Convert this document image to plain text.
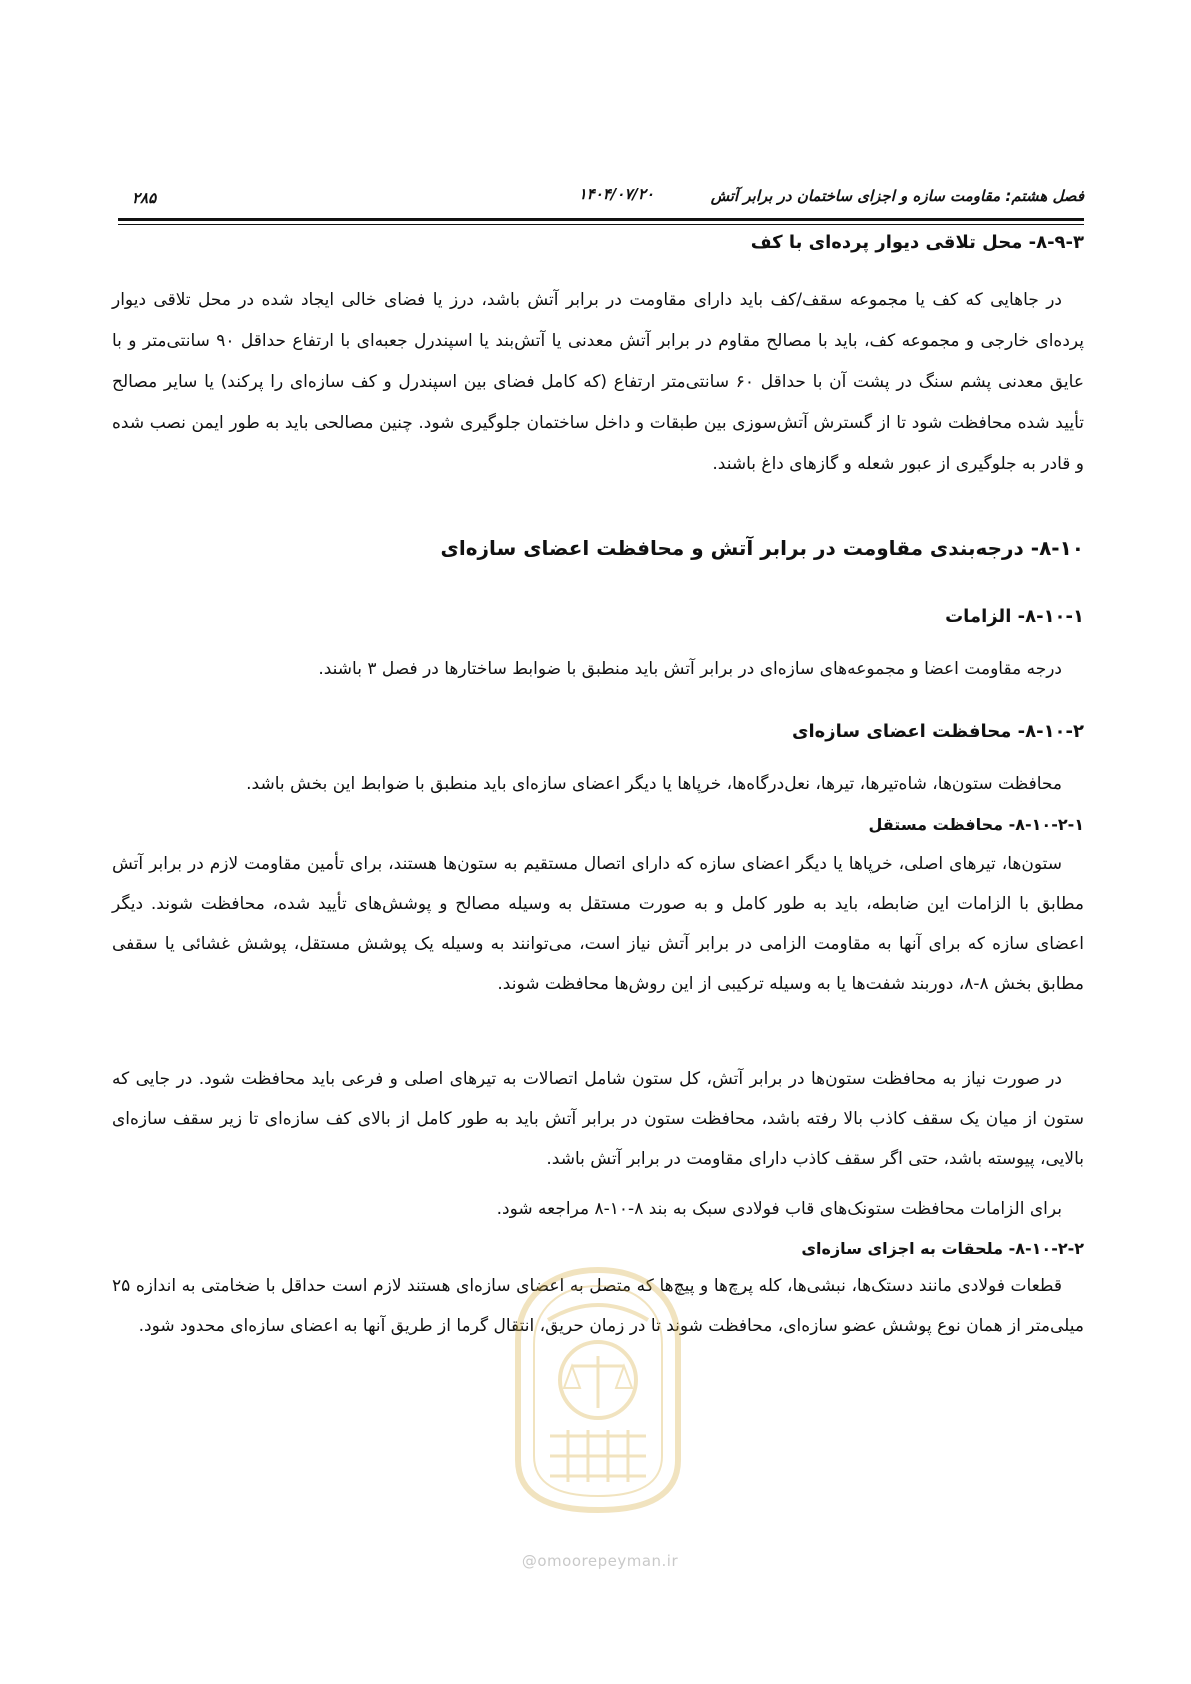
فصل هشتم: مقاومت سازه و اجزای ساختمان در برابر آتش
۱۴۰۴/۰۷/۲۰
۲۸۵
۸-۹-۳- محل تلاقی دیوار پرده‌ای با کف
در جاهایی که کف یا مجموعه سقف/کف باید دارای مقاومت در برابر آتش باشد، درز یا فضای خالی ایجاد شده در محل تلاقی دیوار پرده‌ای خارجی و مجموعه کف، باید با مصالح مقاوم در برابر آتش معدنی یا آتش‌بند یا اسپندرل جعبه‌ای با ارتفاع حداقل ۹۰ سانتی‌متر و با عایق معدنی پشم سنگ در پشت آن با حداقل ۶۰ سانتی‌متر ارتفاع (که کامل فضای بین اسپندرل و کف سازه‌ای را پرکند) یا سایر مصالح تأیید شده محافظت شود تا از گسترش آتش‌سوزی بین طبقات و داخل ساختمان جلوگیری شود. چنین مصالحی باید به طور ایمن نصب شده و قادر به جلوگیری از عبور شعله و گازهای داغ باشند.
۸-۱۰- درجه‌بندی مقاومت در برابر آتش و محافظت اعضای سازه‌ای
۸-۱۰-۱- الزامات
درجه مقاومت اعضا و مجموعه‌های سازه‌ای در برابر آتش باید منطبق با ضوابط ساختارها در فصل ۳ باشند.
۸-۱۰-۲- محافظت اعضای سازه‌ای
محافظت ستون‌ها، شاه‌تیرها، تیرها، نعل‌درگاه‌ها، خرپاها یا دیگر اعضای سازه‌ای باید منطبق با ضوابط این بخش باشد.
۸-۱۰-۲-۱- محافظت مستقل
ستون‌ها، تیرهای اصلی، خرپاها یا دیگر اعضای سازه که دارای اتصال مستقیم به ستون‌ها هستند، برای تأمین مقاومت لازم در برابر آتش مطابق با الزامات این ضابطه، باید به طور کامل و به صورت مستقل به وسیله مصالح و پوشش‌های تأیید شده، محافظت شوند. دیگر اعضای سازه که برای آنها به مقاومت الزامی در برابر آتش نیاز است، می‌توانند به وسیله یک پوشش مستقل، پوشش غشائی یا سقفی مطابق بخش ۸-۸، دوربند شفت‌ها یا به وسیله ترکیبی از این روش‌ها محافظت شوند.
در صورت نیاز به محافظت ستون‌ها در برابر آتش، کل ستون شامل اتصالات به تیرهای اصلی و فرعی باید محافظت شود. در جایی که ستون از میان یک سقف کاذب بالا رفته باشد، محافظت ستون در برابر آتش باید به طور کامل از بالای کف سازه‌ای تا زیر سقف سازه‌ای بالایی، پیوسته باشد، حتی اگر سقف کاذب دارای مقاومت در برابر آتش باشد.
برای الزامات محافظت ستونک‌های قاب فولادی سبک به بند ۸-۱۰-۸ مراجعه شود.
۸-۱۰-۲-۲- ملحقات به اجزای سازه‌ای
قطعات فولادی مانند دستک‌ها، نبشی‌ها، کله پرچ‌ها و پیچ‌ها که متصل به اعضای سازه‌ای هستند لازم است حداقل با ضخامتی به اندازه ۲۵ میلی‌متر از همان نوع پوشش عضو سازه‌ای، محافظت شوند تا در زمان حریق، انتقال گرما از طریق آنها به اعضای سازه‌ای محدود شود.
@omoorepeyman.ir
